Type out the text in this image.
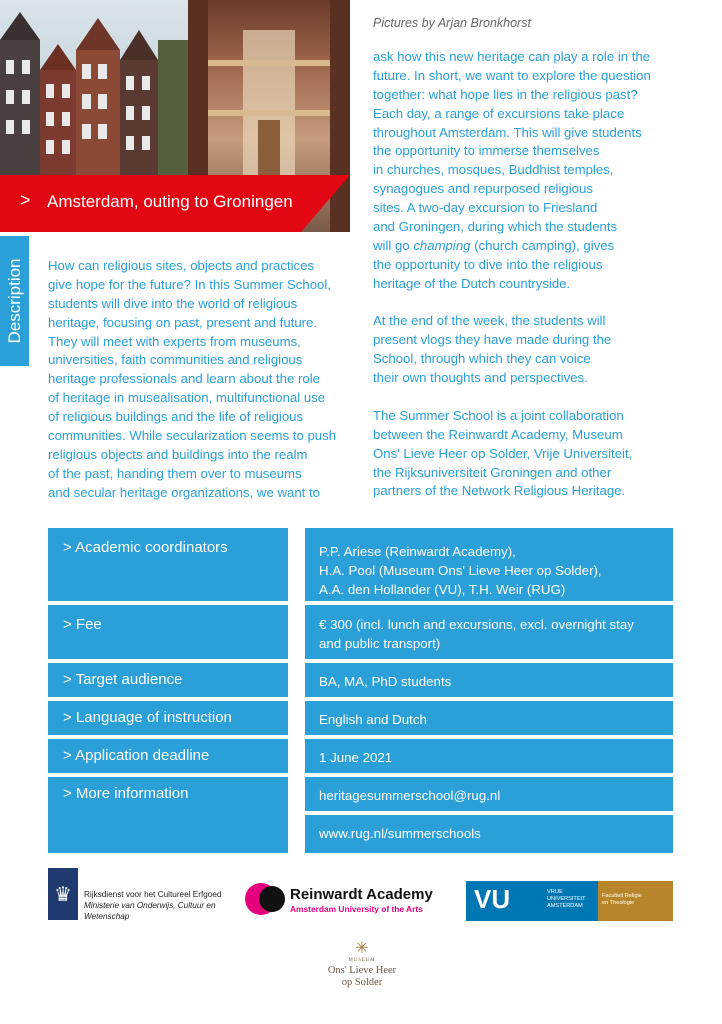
> Amsterdam, outing to Groningen
Pictures by Arjan Bronkhorst
Description How can religious sites, objects and practices
give hope for the future? In this Summer School,
students will dive into the world of religious
heritage, focusing on past, present and future.
They will meet with experts from museums,
universities, faith communities and religious
heritage professionals and learn about the role
of heritage in musealisation, multifunctional use
of religious buildings and the life of religious
communities. While secularization seems to push
religious objects and buildings into the realm
of the past, handing them over to museums
and secular heritage organizations, we want to
ask how this new heritage can play a role in the
future. In short, we want to explore the question
together: what hope lies in the religious past?
Each day, a range of excursions take place
throughout Amsterdam. This will give students
the opportunity to immerse themselves
in churches, mosques, Buddhist temples,
synagogues and repurposed religious
sites. A two-day excursion to Friesland
and Groningen, during which the students
will go champing (church camping), gives
the opportunity to dive into the religious
heritage of the Dutch countryside.
At the end of the week, the students will
present vlogs they have made during the
School, through which they can voice
their own thoughts and perspectives.
The Summer School is a joint collaboration
between the Reinwardt Academy, Museum
Ons' Lieve Heer op Solder, Vrije Universiteit,
the Rijksuniversiteit Groningen and other
partners of the Network Religious Heritage.
> Academic coordinators	P.P. Ariese (Reinwardt Academy),
H.A. Pool (Museum Ons' Lieve Heer op Solder),
A.A. den Hollander (VU), T.H. Weir (RUG)
> Fee	€ 300 (incl. lunch and excursions, excl. overnight stay
and public transport)
> Target audience	BA, MA, PhD students
> Language of instruction	English and Dutch
> Application deadline	1 June 2021
> More information	heritagesummerschool@rug.nl
www.rug.nl/summerschools
♛	Rijksdienst voor het Cultureel Erfgoed
Ministerie van Onderwijs, Cultuur en
Wetenschap
Reinwardt Academy
Amsterdam University of the Arts VU	VRIJE
UNIVERSITEIT
AMSTERDAM
Faculteit Religie
en Theologie
✳
MUSEUM
Ons' Lieve Heer
op Solder
